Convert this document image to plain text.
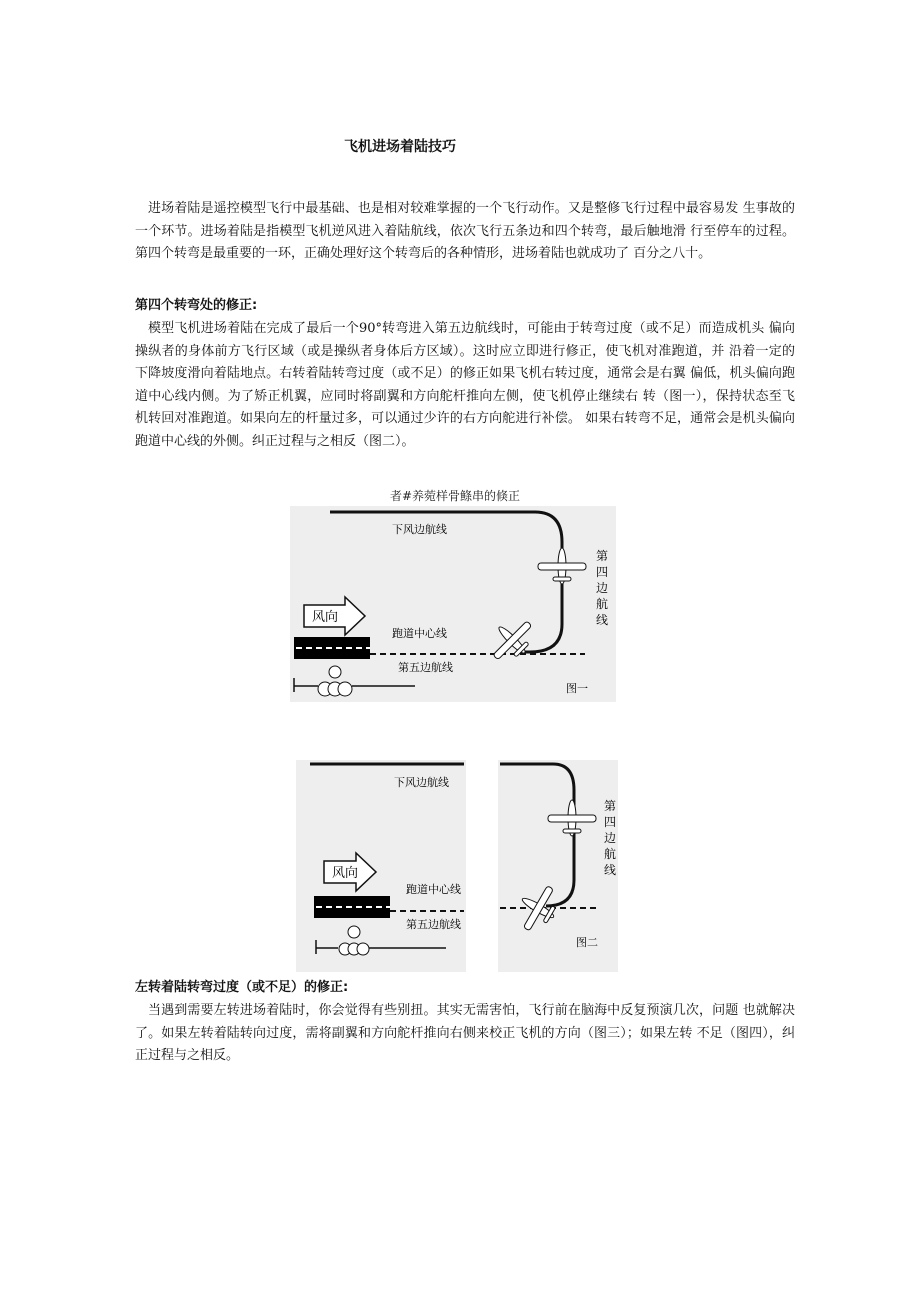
飞机进场着陆技巧

进场着陆是遥控模型飞行中最基础、也是相对较难掌握的一个飞行动作。又是整修飞行过程中最容易发 生事故的一个环节。进场着陆是指模型飞机逆风进入着陆航线，依次飞行五条边和四个转弯，最后触地滑 行至停车的过程。第四个转弯是最重要的一环，正确处理好这个转弯后的各种情形，进场着陆也就成功了 百分之八十。

第四个转弯处的修正:

模型飞机进场着陆在完成了最后一个90°转弯进入第五边航线时，可能由于转弯过度（或不足）而造成机头 偏向操纵者的身体前方飞行区域（或是操纵者身体后方区域）。这时应立即进行修正，使飞机对准跑道，并 沿着一定的下降坡度滑向着陆地点。右转着陆转弯过度（或不足）的修正如果飞机右转过度，通常会是右翼 偏低，机头偏向跑道中心线内侧。为了矫正机翼，应同时将副翼和方向舵杆推向左侧，使飞机停止继续右 转（图一），保持状态至飞机转回对准跑道。如果向左的杆量过多，可以通过少许的右方向舵进行补偿。 如果右转弯不足，通常会是机头偏向跑道中心线的外侧。纠正过程与之相反（图二）。

者#养菀样骨鲦串的倏正
风向
跑道中心线
第五边航线
下风边航线
第四边航线
图一
下风边航线
风向
跑道中心线
第五边航线
第四边航线
图二
左转着陆转弯过度（或不足）的修正:

当遇到需要左转进场着陆时，你会觉得有些别扭。其实无需害怕，飞行前在脑海中反复预演几次，问题 也就解决了。如果左转着陆转向过度，需将副翼和方向舵杆推向右侧来校正飞机的方向（图三）；如果左转 不足（图四），纠正过程与之相反。
